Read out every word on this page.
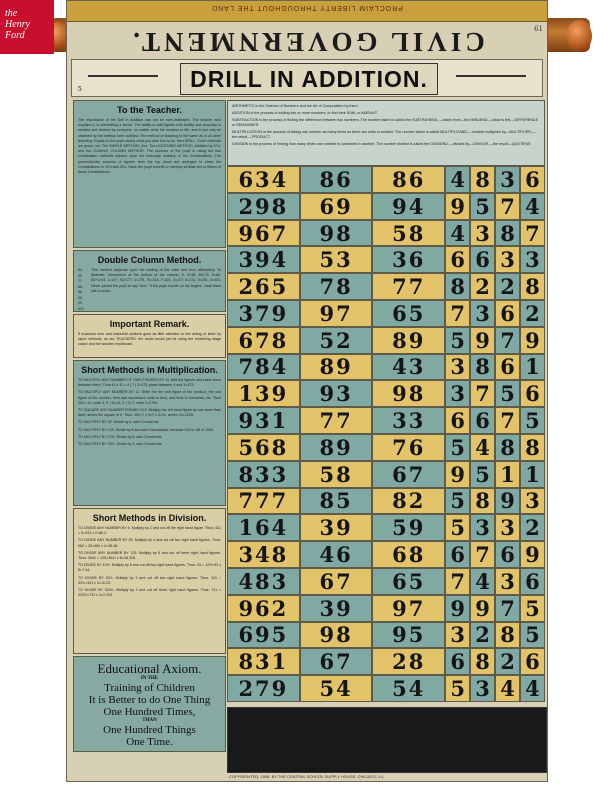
the
Henry
Ford
PROCLAIM LIBERTY THROUGHOUT THE LAND
CIVIL GOVERNMENT.	61
DRILL IN ADDITION.
5
To the Teacher.
The importance of the Drill in Addition can not be over-estimated. The teacher who explains it, is committing a sense. The ability to add figures with facility and accuracy is needed and desired by everyone, no matter what his vocation in life, and it can only be obtained by the method here outlined. The method of teaching in the same as in all other teaching. Explain to the pupil clearly what you wish him to do, then DRILL. Three methods are given: 1st. The SIMPLE METHOD; 2nd. The LIGHTNING METHOD, Addition by 10's; and the DOUBLE COLUMN METHOD. The success of the pupil in using the two combination methods depend upon the thorough mastery of the Combinations. The perpendicular columns of figures from the top down are arranged to show the Combinations in 10's and 20's. Have the pupil commit to memory at least ten or fifteen of these Combinations.
Double Column Method.
64 39 77 68 98 36 29 431
This method depends upon the adding of the units and tens alternately. To illustrate: Commence at the bottom of the column; 9, 8=38, 68=75, 8=83, 83+1=93, 1=107, 93=177, 1=179, 75=214, 7=221, 4=227, 6=231, 9=251, 4=431. Never permit the pupil to say "and." If the pupil counts on his fingers, mark them with a cross.
Important Remark.
If business men and industrial workers gave as little attention to the acting of labor by rapid methods, as our TEACHERS, the world would yet be using the lumbering stage coach and the wooden moldboard.
Short Methods in Multiplication.
TO MULTIPLY ANY NUMBER OF TWO FIGURES BY 11. Add the figures and place them between them. Thus 43 x 11 = 4 | 7 | 3=473; place between 4 and 3=473.
TO MULTIPLY ANY NUMBER BY 11. Write the the unit figure of the product, the unit figure of the number, then add successive units to tens, and tens to hundreds, etc. Thus 254 x 11: write 4, 9 + 5=14, 2 + 5=7, write 2=2794.
TO SQUARE ANY NUMBER ENDING IN 5. Multiply the left hand figure by one more than itself, annex the square of 5. Thus: 352=7 x 3=7 x 4=12, annex 25=1225.
TO MULTIPLY BY 25. Divide by 4, add 2 hundreds.
TO MULTIPLY BY 125. Divide by 8 and add 3 thousands, because 125 is 1/8 of 1000.
TO MULTIPLY BY 12½. Divide by 8, add 2 hundreds.
TO MULTIPLY BY 33⅓. Divide by 3, add 2 hundreds.
Short Methods in Division.
TO DIVIDE ANY NUMBER BY 5. Multiply by 2 and cut off the right hand figure. Thus: 431 = 5=431 x 2=86.2.
TO DIVIDE ANY NUMBER BY 25. Multiply by 4 and cut off two right hand figures. Thus: 962 = 25=962 x 4=38.48.
TO DIVIDE ANY NUMBER BY 125. Multiply by 8 and cut off three right hand figures. Thus: 3541 = 125=3541 x 8=28.328.
TO DIVIDE BY 12½. Multiply by 8 and cut off two right hand figures. Thus: 93 = 12½=93 x 8=7.44.
TO DIVIDE BY 33⅓. Multiply by 3 and cut off two right hand figures. Thus: 341 = 33⅓=341 x 3=10.23.
TO DIVIDE BY 333⅓. Multiply by 3 and cut off three right hand figures. Thus: 731 = 333⅓=731 x 3=2.193.
Educational Axiom.
IN THE
Training of Children
It is Better to do One Thing
One Hundred Times,
THAN
One Hundred Things
One Time.

ARITHMETIC is the Science of Numbers and the Art of Computation by them.

ADDITION is the process of adding two or more numbers, to find their SUM, or AMOUNT.

SUBTRACTION is the process of finding the difference between two numbers. The number taken is called the SUBTRAHEND, —taken from—the MINUEND,—what is left,—DIFFERENCE or REMAINDER.

MULTIPLICATION is the process of taking one number as many times as there are units in another. The number taken is called MULTIPLICAND,—number multiplied by—MULTIPLIER,—the result,—PRODUCT.

DIVISION is the process of finding how many times one number is contained in another. The number divided is called the DIVIDEND,—divided by—DIVISOR,—the result—QUOTIENT.

634	86	86	4 8 3 6
298	69	94	9 5 7 4
967	98	58	4 3 8 7
394	53	36	6 6 3 3
265	78	77	8 2 2 8
379	97	65	7 3 6 2
678	52	89	5 9 7 9
784	89	43	3 8 6 1
139	93	98	3 7 5 6
931	77	33	6 6 7 5
568	89	76	5 4 8 8
833	58	67	9 5 1 1
777	85	82	5 8 9 3
164	39	59	5 3 3 2
348	46	68	6 7 6 9
483	67	65	7 4 3 6
962	39	97	9 9 7 5
695	98	95	3 2 8 5
831	67	28	6 8 2 6
279	54	54	5 3 4 4
COPYRIGHTED, 1908, BY THE CENTRAL SCHOOL SUPPLY HOUSE, CHICAGO, ILL.
